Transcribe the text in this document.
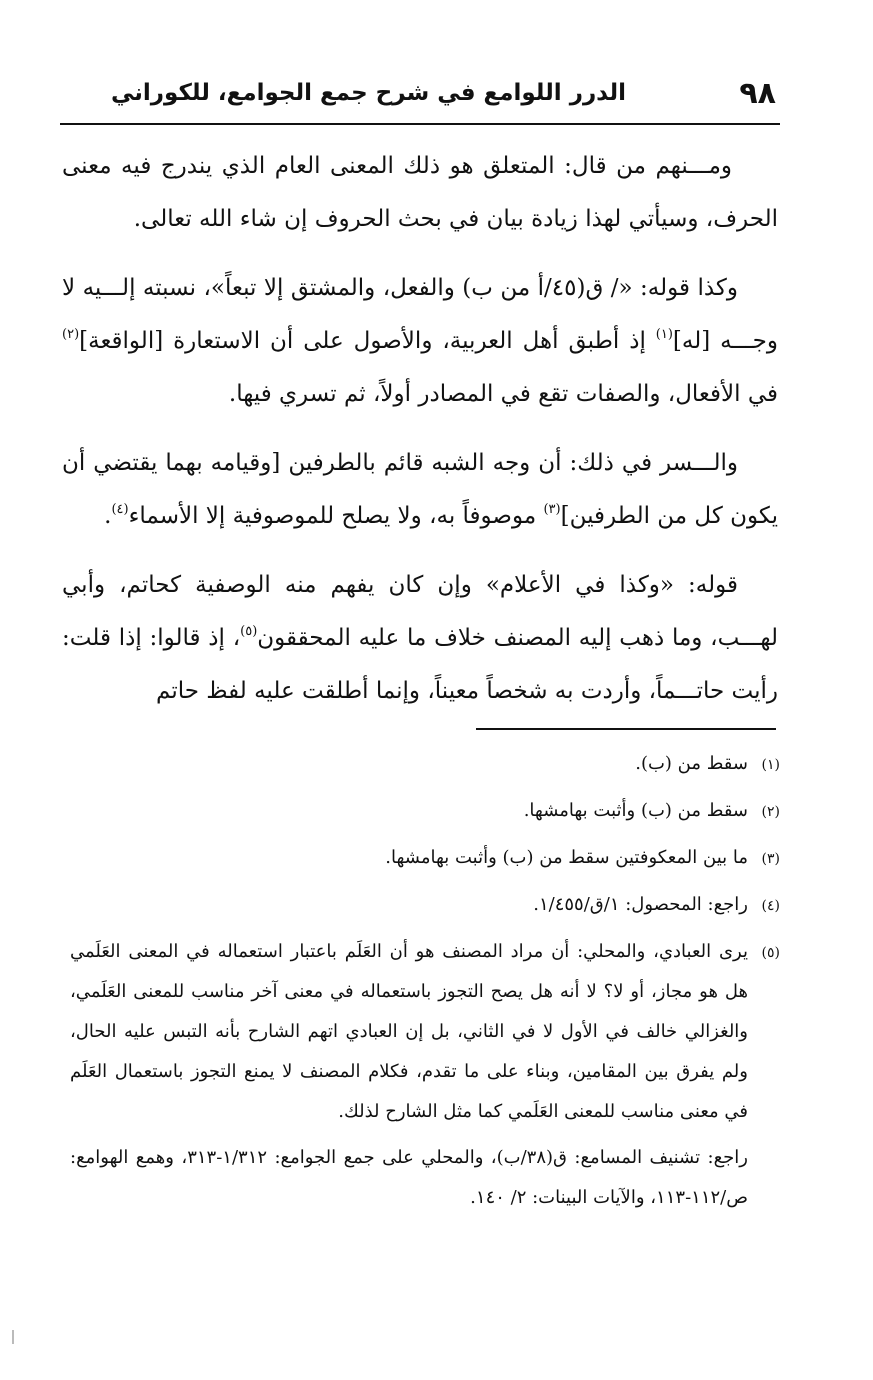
٩٨
الدرر اللوامع في شرح جمع الجوامع، للكوراني

ومـــنهم من قال: المتعلق هو ذلك المعنى العام الذي يندرج فيه معنى الحرف، وسيأتي لهذا زيادة بيان في بحث الحروف إن شاء الله تعالى.

وكذا قوله: «/ ق(٤٥/أ من ب) والفعل، والمشتق إلا تبعاً»، نسبته إلـــيه لا وجـــه [له]$^{(١)}$ إذ أطبق أهل العربية، والأصول على أن الاستعارة [الواقعة]$^{(٢)}$ في الأفعال، والصفات تقع في المصادر أولاً، ثم تسري فيها.

والـــسر في ذلك: أن وجه الشبه قائم بالطرفين [وقيامه بهما يقتضي أن يكون كل من الطرفين]$^{(٣)}$ موصوفاً به، ولا يصلح للموصوفية إلا الأسماء$^{(٤)}$.

قوله: «وكذا في الأعلام» وإن كان يفهم منه الوصفية كحاتم، وأبي لهـــب، وما ذهب إليه المصنف خلاف ما عليه المحققون$^{(٥)}$، إذ قالوا: إذا قلت: رأيت حاتـــماً، وأردت به شخصاً معيناً، وإنما أطلقت عليه لفظ حاتم

(١)
سقط من (ب).
(٢)
سقط من (ب) وأثبت بهامشها.
(٣)
ما بين المعكوفتين سقط من (ب) وأثبت بهامشها.
(٤)
راجع: المحصول: ١/ق/١/٤٥٥.
(٥)
يرى العبادي، والمحلي: أن مراد المصنف هو أن العَلَم باعتبار استعماله في المعنى العَلَمي هل هو مجاز، أو لا؟ لا أنه هل يصح التجوز باستعماله في معنى آخر مناسب للمعنى العَلَمي، والغزالي خالف في الأول لا في الثاني، بل إن العبادي اتهم الشارح بأنه التبس عليه الحال، ولم يفرق بين المقامين، وبناء على ما تقدم، فكلام المصنف لا يمنع التجوز باستعمال العَلَم في معنى مناسب للمعنى العَلَمي كما مثل الشارح لذلك.
راجع: تشنيف المسامع: ق(٣٨/ب)، والمحلي على جمع الجوامع: ١/٣١٢-٣١٣، وهمع الهوامع: ص/١١٢-١١٣، والآيات البينات: ٢/ ١٤٠.
